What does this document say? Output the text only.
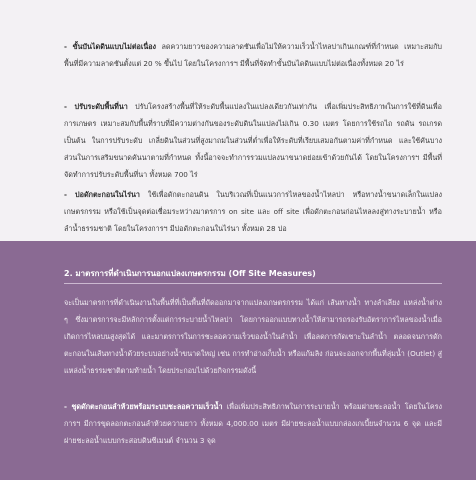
- ขั้นบันไดดินแบบไม่ต่อเนื่อง ลดความยาวของความลาดชันเพื่อไม่ให้ความเร็วน้ำไหลบ่าเกินเกณฑ์ที่กำหนด เหมาะสมกับพื้นที่มีความลาดชันตั้งแต่ 20 % ขึ้นไป โดยในโครงการฯ มีพื้นที่จัดทำขั้นบันไดดินแบบไม่ต่อเนื่องทั้งหมด 20 ไร่

- ปรับระดับพื้นที่นา ปรับโครงสร้างพื้นที่ให้ระดับพื้นแปลงในแปลงเดียวกันเท่ากัน เพื่อเพิ่มประสิทธิภาพในการใช้ที่ดินเพื่อการเกษตร เหมาะสมกับพื้นที่ราบที่มีความต่างกันของระดับดินในแปลงไม่เกิน 0.30 เมตร โดยการใช้รถไถ รถดัน รถเกรด เป็นต้น ในการปรับระดับ เกลี่ยดินในส่วนที่สูงมาถมในส่วนที่ต่ำเพื่อให้ระดับที่เรียบเสมอกันตามค่าที่กำหนด และใช้คันบางส่วนในการเสริมขนาดคันนาตามที่กำหนด ทั้งนี้อาจจะทำการรวมแปลงนาขนาดย่อยเข้าด้วยกันได้ โดยในโครงการฯ มีพื้นที่จัดทำการปรับระดับพื้นที่นา ทั้งหมด 700 ไร่

- บ่อดักตะกอนในไร่นา ใช้เพื่อดักตะกอนดิน ในบริเวณที่เป็นแนวการไหลของน้ำไหลบ่า หรือทางน้ำขนาดเล็กในแปลงเกษตรกรรม หรือใช้เป็นจุดต่อเชื่อมระหว่างมาตรการ on site และ off site เพื่อดักตะกอนก่อนไหลลงสู่ทางระบายน้ำ หรือลำน้ำธรรมชาติ โดยในโครงการฯ มีบ่อดักตะกอนในไร่นา ทั้งหมด 28 บ่อ

2. มาตรการที่ดำเนินการนอกแปลงเกษตรกรรม (Off Site Measures)

จะเป็นมาตรการที่ดำเนินงานในพื้นที่ที่เป็นพื้นที่ถัดออกมาจากแปลงเกษตรกรรม ได้แก่ เส้นทางน้ำ ทางลำเลียง แหล่งน้ำต่าง ๆ ซึ่งมาตรการจะมีหลักการตั้งแต่การระบายน้ำไหลบ่า โดยการออกแบบทางน้ำให้สามารถรองรับอัตราการไหลของน้ำเมื่อเกิดการไหลบนสูงสุดได้ และมาตรการในการชะลอความเร็วของน้ำในลำน้ำ เพื่อลดการกัดเซาะในลำน้ำ ตลอดจนการดักตะกอนในเส้นทางน้ำด้วยระบบอย่างน้ำขนาดใหญ่ เช่น การทำอ่างเก็บน้ำ หรือแก้มลิง ก่อนจะออกจากพื้นที่ลุ่มน้ำ (Outlet) สู่แหล่งน้ำธรรมชาติตามท้ายน้ำ โดยประกอบไปด้วยกิจกรรมดังนี้

- ชุดดักตะกอนลำห้วยพร้อมระบบชะลอความเร็วน้ำ เพื่อเพิ่มประสิทธิภาพในการระบายน้ำ พร้อมฝายชะลอน้ำ โดยในโครงการฯ มีการขุดลอกตะกอนลำห้วยความยาว ทั้งหมด 4,000.00 เมตร มีฝายชะลอน้ำแบบกล่องเกเบี้ยนจำนวน 6 จุด และมีฝายชะลอน้ำแบบกระสอบดินซีเมนต์ จำนวน 3 จุด
